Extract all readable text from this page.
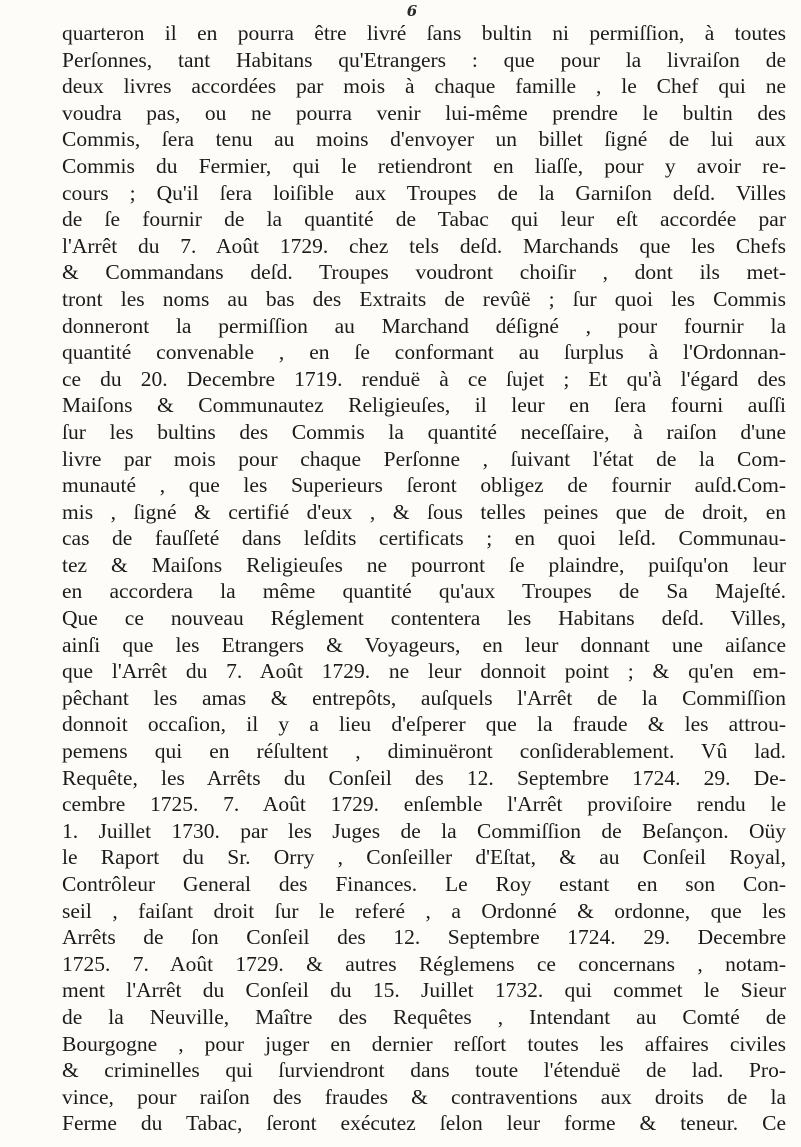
6
quarteron il en pourra être livré ſans bultin ni permiſſion, à toutes
Perſonnes, tant Habitans qu'Etrangers : que pour la livraiſon de
deux livres accordées par mois à chaque famille , le Chef qui ne
voudra pas, ou ne pourra venir lui-même prendre le bultin des
Commis, ſera tenu au moins d'envoyer un billet ſigné de lui aux
Commis du Fermier, qui le retiendront en liaſſe, pour y avoir re-
cours ; Qu'il ſera loiſible aux Troupes de la Garniſon deſd. Villes
de ſe fournir de la quantité de Tabac qui leur eſt accordée par
l'Arrêt du 7. Août 1729. chez tels deſd. Marchands que les Chefs
& Commandans deſd. Troupes voudront choiſir , dont ils met-
tront les noms au bas des Extraits de revûë ; ſur quoi les Commis
donneront la permiſſion au Marchand déſigné , pour fournir la
quantité convenable , en ſe conformant au ſurplus à l'Ordonnan-
ce du 20. Decembre 1719. renduë à ce ſujet ; Et qu'à l'égard des
Maiſons & Communautez Religieuſes, il leur en ſera fourni auſſi
ſur les bultins des Commis la quantité neceſſaire, à raiſon d'une
livre par mois pour chaque Perſonne , ſuivant l'état de la Com-
munauté , que les Superieurs ſeront obligez de fournir auſd.Com-
mis , ſigné & certifié d'eux , & ſous telles peines que de droit, en
cas de fauſſeté dans leſdits certificats ; en quoi leſd. Communau-
tez & Maiſons Religieuſes ne pourront ſe plaindre, puiſqu'on leur
en accordera la même quantité qu'aux Troupes de Sa Majeſté.
Que ce nouveau Réglement contentera les Habitans deſd. Villes,
ainſi que les Etrangers & Voyageurs, en leur donnant une aiſance
que l'Arrêt du 7. Août 1729. ne leur donnoit point ; & qu'en em-
pêchant les amas & entrepôts, auſquels l'Arrêt de la Commiſſion
donnoit occaſion, il y a lieu d'eſperer que la fraude & les attrou-
pemens qui en réſultent , diminuëront conſiderablement. Vû lad.
Requête, les Arrêts du Conſeil des 12. Septembre 1724. 29. De-
cembre 1725. 7. Août 1729. enſemble l'Arrêt proviſoire rendu le
1. Juillet 1730. par les Juges de la Commiſſion de Beſançon. Oüy
le Raport du Sr. Orry , Conſeiller d'Eſtat, & au Conſeil Royal,
Contrôleur General des Finances. Le Roy estant en son Con-
seil , faiſant droit ſur le referé , a Ordonné & ordonne, que les
Arrêts de ſon Conſeil des 12. Septembre 1724. 29. Decembre
1725. 7. Août 1729. & autres Réglemens ce concernans , notam-
ment l'Arrêt du Conſeil du 15. Juillet 1732. qui commet le Sieur
de la Neuville, Maître des Requêtes , Intendant au Comté de
Bourgogne , pour juger en dernier reſſort toutes les affaires civiles
& criminelles qui ſurviendront dans toute l'étenduë de lad. Pro-
vince, pour raiſon des fraudes & contraventions aux droits de la
Ferme du Tabac, ſeront exécutez ſelon leur forme & teneur. Ce
